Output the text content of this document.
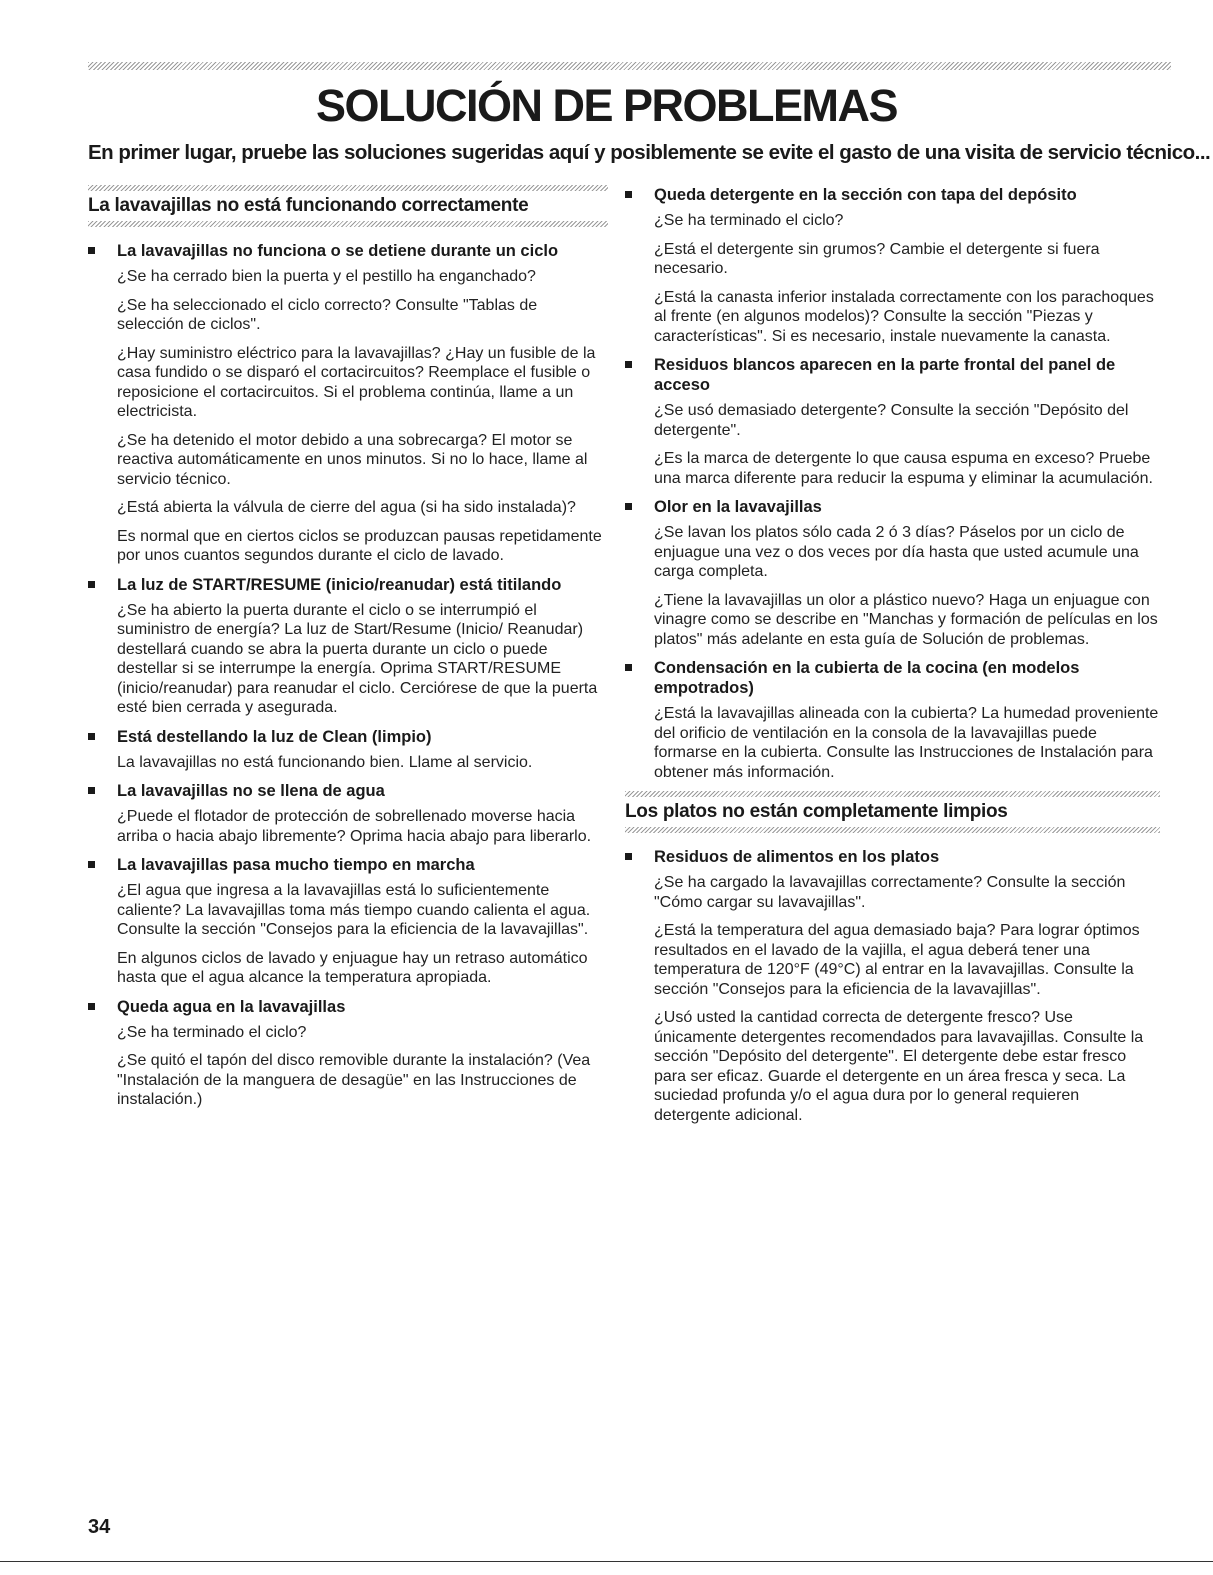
SOLUCIÓN DE PROBLEMAS

En primer lugar, pruebe las soluciones sugeridas aquí y posiblemente se evite el gasto de una visita de servicio técnico...

La lavavajillas no está funcionando correctamente
La lavavajillas no funciona o se detiene durante un ciclo

¿Se ha cerrado bien la puerta y el pestillo ha enganchado?

¿Se ha seleccionado el ciclo correcto? Consulte "Tablas de selección de ciclos".

¿Hay suministro eléctrico para la lavavajillas? ¿Hay un fusible de la casa fundido o se disparó el cortacircuitos? Reemplace el fusible o reposicione el cortacircuitos. Si el problema continúa, llame a un electricista.

¿Se ha detenido el motor debido a una sobrecarga? El motor se reactiva automáticamente en unos minutos. Si no lo hace, llame al servicio técnico.

¿Está abierta la válvula de cierre del agua (si ha sido instalada)?

Es normal que en ciertos ciclos se produzcan pausas repetidamente por unos cuantos segundos durante el ciclo de lavado.

La luz de START/RESUME (inicio/reanudar) está titilando

¿Se ha abierto la puerta durante el ciclo o se interrumpió el suministro de energía? La luz de Start/Resume (Inicio/ Reanudar) destellará cuando se abra la puerta durante un ciclo o puede destellar si se interrumpe la energía. Oprima START/RESUME (inicio/reanudar) para reanudar el ciclo. Cerciórese de que la puerta esté bien cerrada y asegurada.

Está destellando la luz de Clean (limpio)

La lavavajillas no está funcionando bien. Llame al servicio.

La lavavajillas no se llena de agua

¿Puede el flotador de protección de sobrellenado moverse hacia arriba o hacia abajo libremente? Oprima hacia abajo para liberarlo.

La lavavajillas pasa mucho tiempo en marcha

¿El agua que ingresa a la lavavajillas está lo suficientemente caliente? La lavavajillas toma más tiempo cuando calienta el agua. Consulte la sección "Consejos para la eficiencia de la lavavajillas".

En algunos ciclos de lavado y enjuague hay un retraso automático hasta que el agua alcance la temperatura apropiada.

Queda agua en la lavavajillas

¿Se ha terminado el ciclo?

¿Se quitó el tapón del disco removible durante la instalación? (Vea "Instalación de la manguera de desagüe" en las Instrucciones de instalación.)

Queda detergente en la sección con tapa del depósito

¿Se ha terminado el ciclo?

¿Está el detergente sin grumos? Cambie el detergente si fuera necesario.

¿Está la canasta inferior instalada correctamente con los parachoques al frente (en algunos modelos)? Consulte la sección "Piezas y características". Si es necesario, instale nuevamente la canasta.

Residuos blancos aparecen en la parte frontal del panel de acceso

¿Se usó demasiado detergente? Consulte la sección "Depósito del detergente".

¿Es la marca de detergente lo que causa espuma en exceso? Pruebe una marca diferente para reducir la espuma y eliminar la acumulación.

Olor en la lavavajillas

¿Se lavan los platos sólo cada 2 ó 3 días? Páselos por un ciclo de enjuague una vez o dos veces por día hasta que usted acumule una carga completa.

¿Tiene la lavavajillas un olor a plástico nuevo? Haga un enjuague con vinagre como se describe en "Manchas y formación de películas en los platos" más adelante en esta guía de Solución de problemas.

Condensación en la cubierta de la cocina (en modelos empotrados)

¿Está la lavavajillas alineada con la cubierta? La humedad proveniente del orificio de ventilación en la consola de la lavavajillas puede formarse en la cubierta. Consulte las Instrucciones de Instalación para obtener más información.

Los platos no están completamente limpios
Residuos de alimentos en los platos

¿Se ha cargado la lavavajillas correctamente? Consulte la sección "Cómo cargar su lavavajillas".

¿Está la temperatura del agua demasiado baja? Para lograr óptimos resultados en el lavado de la vajilla, el agua deberá tener una temperatura de 120°F (49°C) al entrar en la lavavajillas. Consulte la sección "Consejos para la eficiencia de la lavavajillas".

¿Usó usted la cantidad correcta de detergente fresco? Use únicamente detergentes recomendados para lavavajillas. Consulte la sección "Depósito del detergente". El detergente debe estar fresco para ser eficaz. Guarde el detergente en un área fresca y seca. La suciedad profunda y/o el agua dura por lo general requieren detergente adicional.

34
